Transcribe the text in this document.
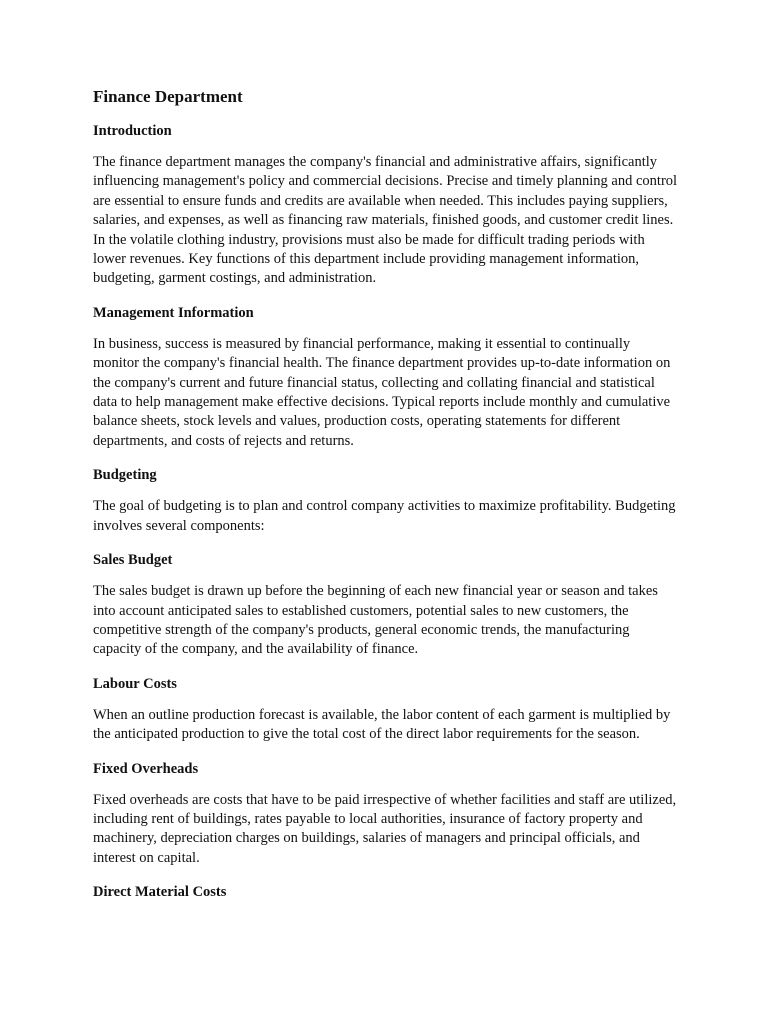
Finance Department
Introduction
The finance department manages the company's financial and administrative affairs, significantly influencing management's policy and commercial decisions. Precise and timely planning and control are essential to ensure funds and credits are available when needed. This includes paying suppliers, salaries, and expenses, as well as financing raw materials, finished goods, and customer credit lines. In the volatile clothing industry, provisions must also be made for difficult trading periods with lower revenues. Key functions of this department include providing management information, budgeting, garment costings, and administration.
Management Information
In business, success is measured by financial performance, making it essential to continually monitor the company's financial health. The finance department provides up-to-date information on the company's current and future financial status, collecting and collating financial and statistical data to help management make effective decisions. Typical reports include monthly and cumulative balance sheets, stock levels and values, production costs, operating statements for different departments, and costs of rejects and returns.
Budgeting
The goal of budgeting is to plan and control company activities to maximize profitability. Budgeting involves several components:
Sales Budget
The sales budget is drawn up before the beginning of each new financial year or season and takes into account anticipated sales to established customers, potential sales to new customers, the competitive strength of the company's products, general economic trends, the manufacturing capacity of the company, and the availability of finance.
Labour Costs
When an outline production forecast is available, the labor content of each garment is multiplied by the anticipated production to give the total cost of the direct labor requirements for the season.
Fixed Overheads
Fixed overheads are costs that have to be paid irrespective of whether facilities and staff are utilized, including rent of buildings, rates payable to local authorities, insurance of factory property and machinery, depreciation charges on buildings, salaries of managers and principal officials, and interest on capital.
Direct Material Costs
